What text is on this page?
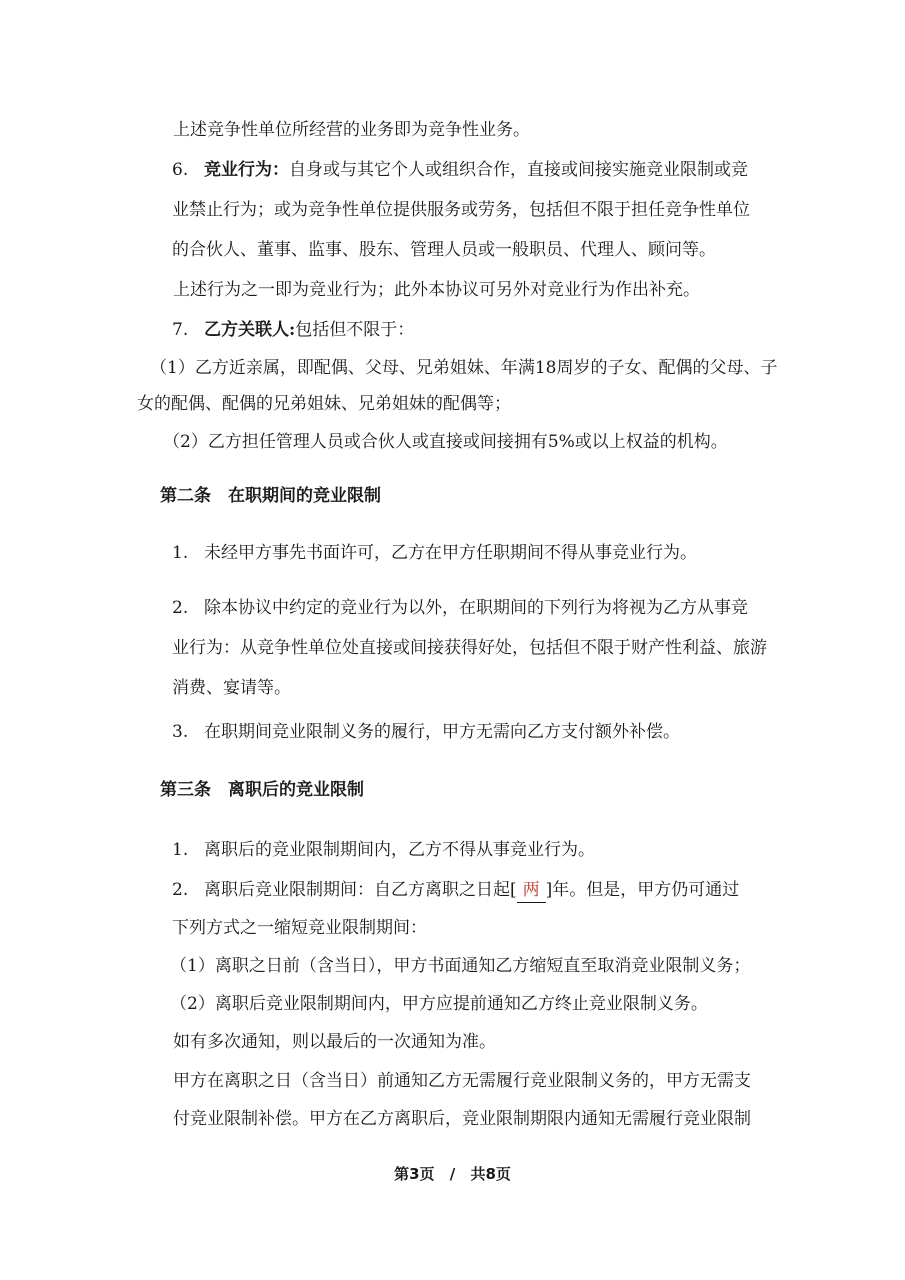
上述竞争性单位所经营的业务即为竞争性业务。
6. 竞业行为：自身或与其它个人或组织合作，直接或间接实施竞业限制或竞
业禁止行为；或为竞争性单位提供服务或劳务，包括但不限于担任竞争性单位
的合伙人、董事、监事、股东、管理人员或一般职员、代理人、顾问等。
上述行为之一即为竞业行为；此外本协议可另外对竞业行为作出补充。
7. 乙方关联人:包括但不限于：
（1）乙方近亲属，即配偶、父母、兄弟姐妹、年满18周岁的子女、配偶的父母、子
女的配偶、配偶的兄弟姐妹、兄弟姐妹的配偶等；
（2）乙方担任管理人员或合伙人或直接或间接拥有5%或以上权益的机构。
第二条　在职期间的竞业限制
1. 未经甲方事先书面许可，乙方在甲方任职期间不得从事竞业行为。
2. 除本协议中约定的竞业行为以外，在职期间的下列行为将视为乙方从事竞
业行为：从竞争性单位处直接或间接获得好处，包括但不限于财产性利益、旅游
消费、宴请等。
3. 在职期间竞业限制义务的履行，甲方无需向乙方支付额外补偿。
第三条　离职后的竞业限制
1. 离职后的竞业限制期间内，乙方不得从事竞业行为。
2. 离职后竞业限制期间：自乙方离职之日起[ 两 ]年。但是，甲方仍可通过
下列方式之一缩短竞业限制期间：
（1）离职之日前（含当日），甲方书面通知乙方缩短直至取消竞业限制义务；
（2）离职后竞业限制期间内，甲方应提前通知乙方终止竞业限制义务。
如有多次通知，则以最后的一次通知为准。
甲方在离职之日（含当日）前通知乙方无需履行竞业限制义务的，甲方无需支
付竞业限制补偿。甲方在乙方离职后，竞业限制期限内通知无需履行竞业限制
第3页 / 共8页
